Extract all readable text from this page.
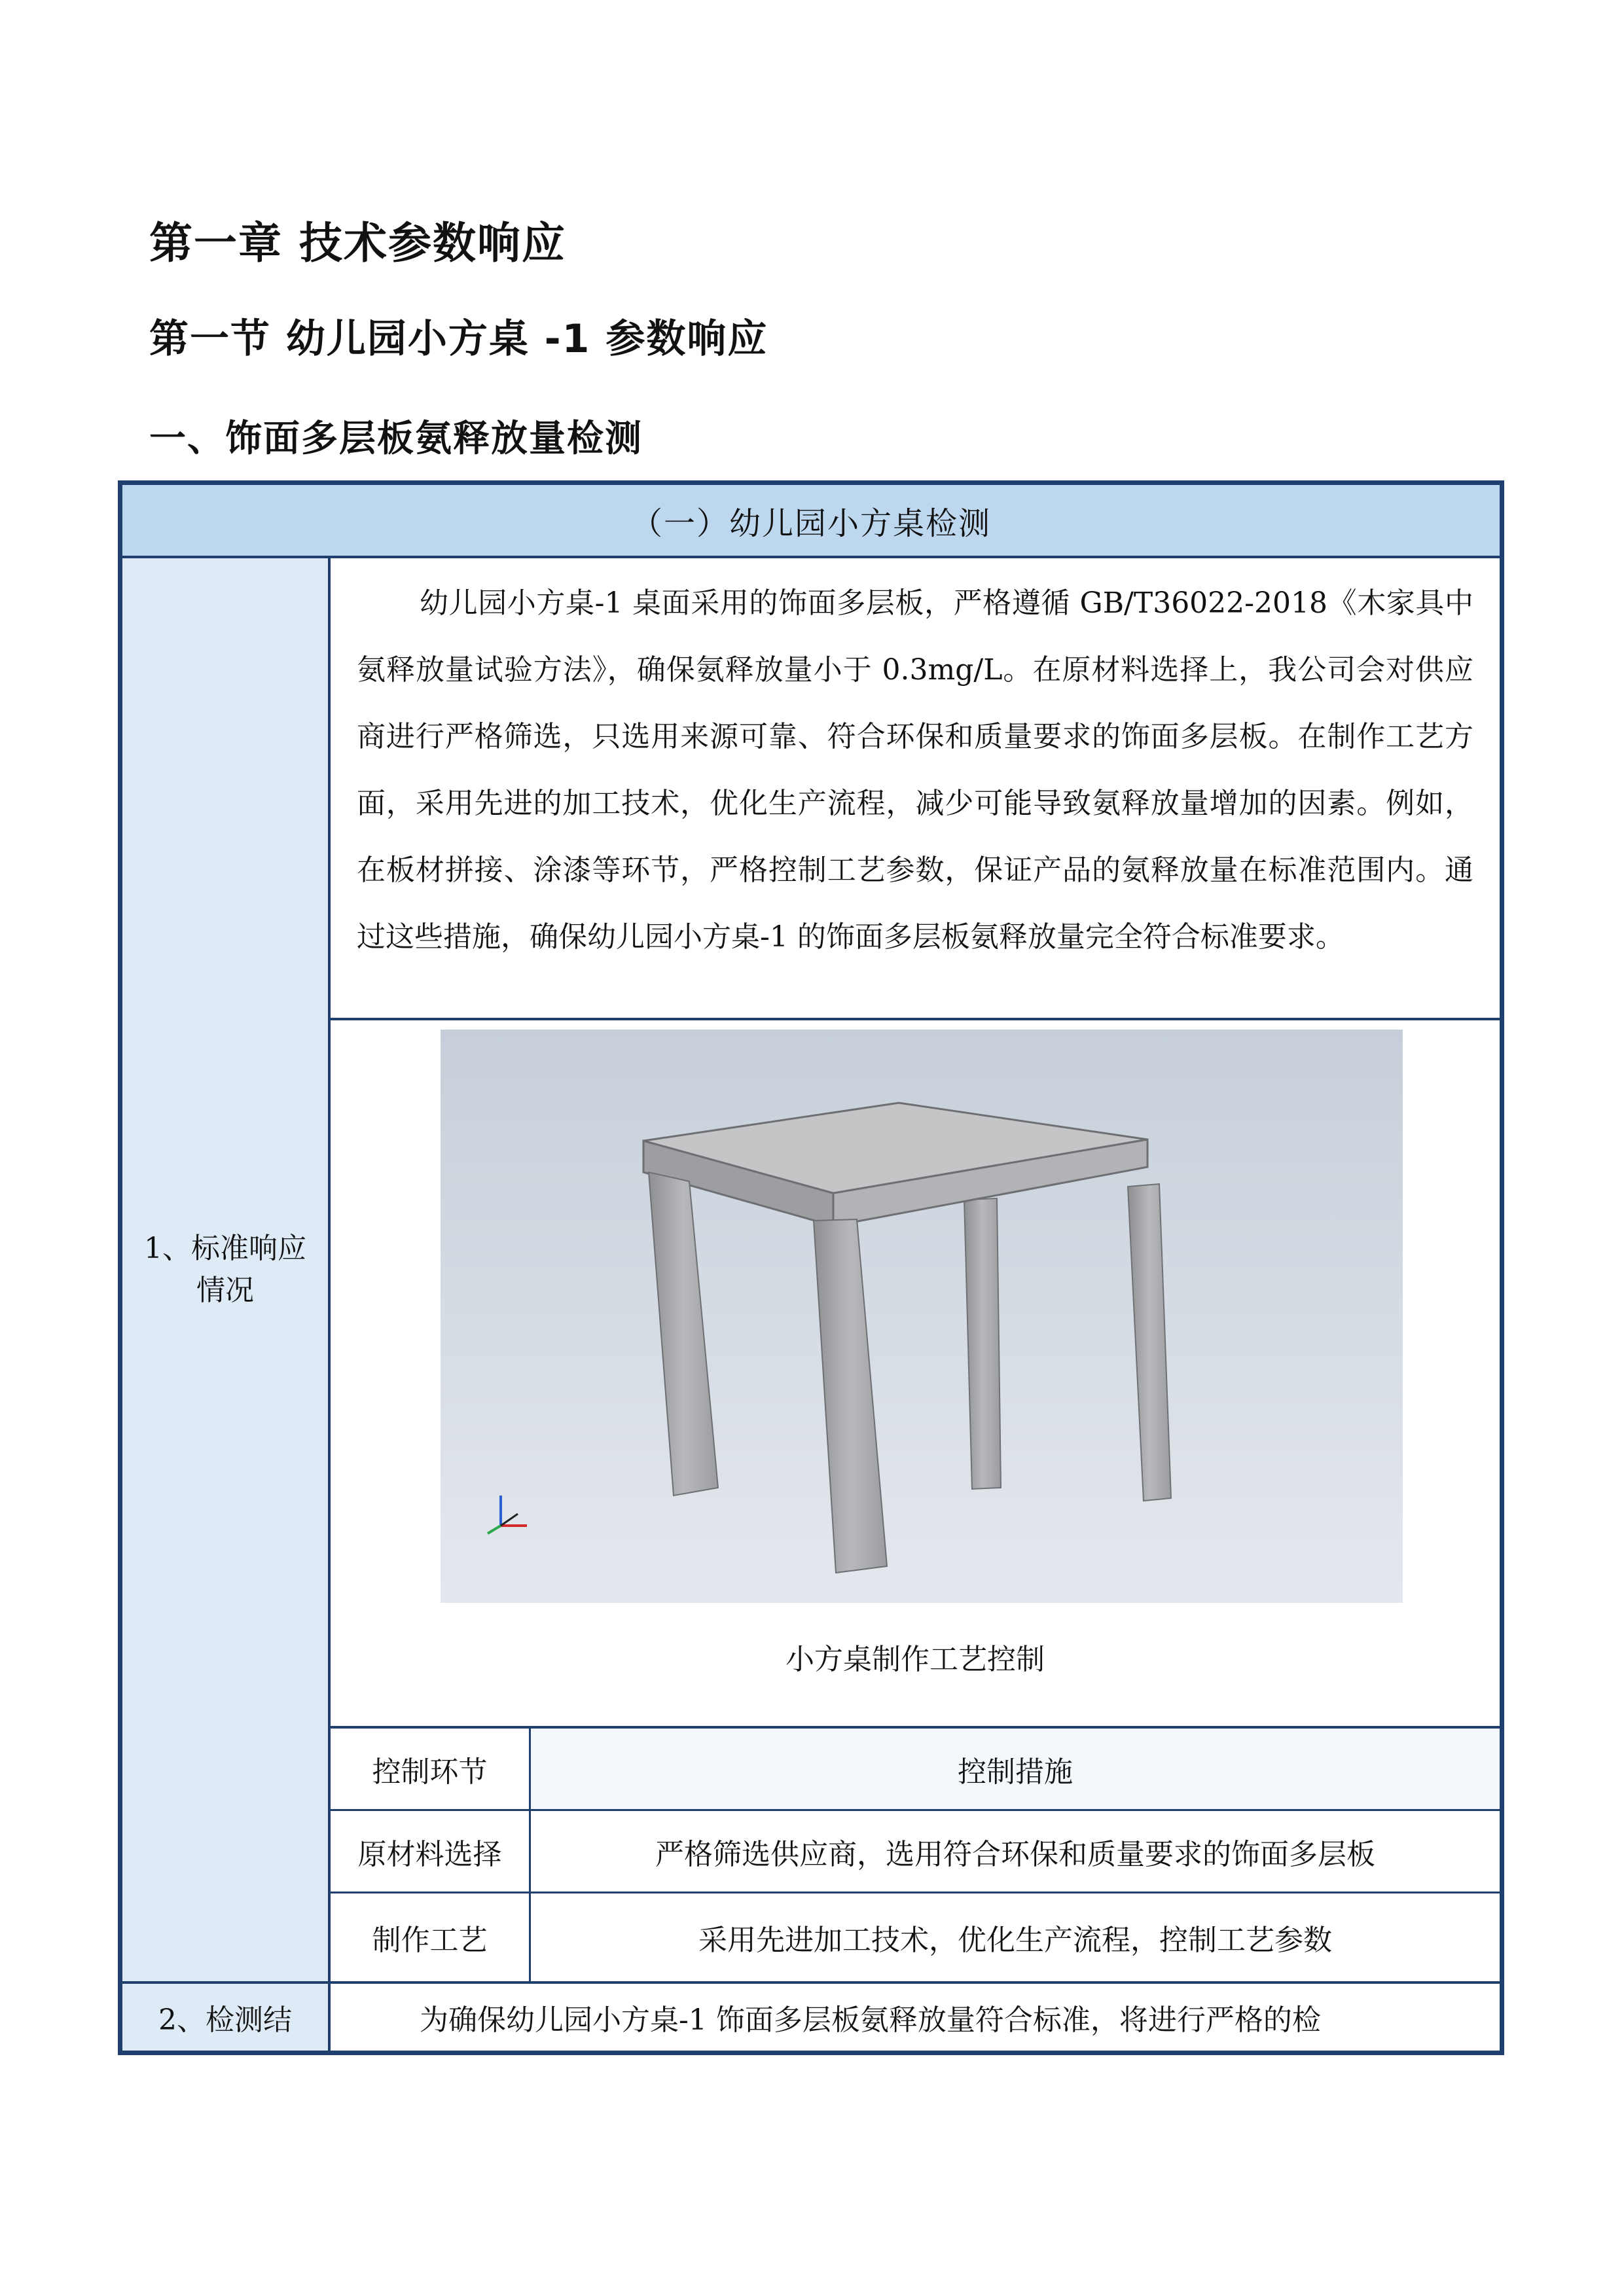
第一章 技术参数响应
第一节 幼儿园小方桌 -1 参数响应
一、饰面多层板氨释放量检测
（一）幼儿园小方桌检测
1、标准响应情况

幼儿园小方桌-1 桌面采用的饰面多层板，严格遵循 GB/T36022-2018《木家具中氨释放量试验方法》，确保氨释放量小于 0.3mg/L。在原材料选择上，我公司会对供应商进行严格筛选，只选用来源可靠、符合环保和质量要求的饰面多层板。在制作工艺方面，采用先进的加工技术，优化生产流程，减少可能导致氨释放量增加的因素。例如，在板材拼接、涂漆等环节，严格控制工艺参数，保证产品的氨释放量在标准范围内。通过这些措施，确保幼儿园小方桌-1 的饰面多层板氨释放量完全符合标准要求。

小方桌制作工艺控制
控制环节	控制措施
原材料选择	严格筛选供应商，选用符合环保和质量要求的饰面多层板
制作工艺	采用先进加工技术，优化生产流程，控制工艺参数
2、检测结	为确保幼儿园小方桌-1 饰面多层板氨释放量符合标准，将进行严格的检
